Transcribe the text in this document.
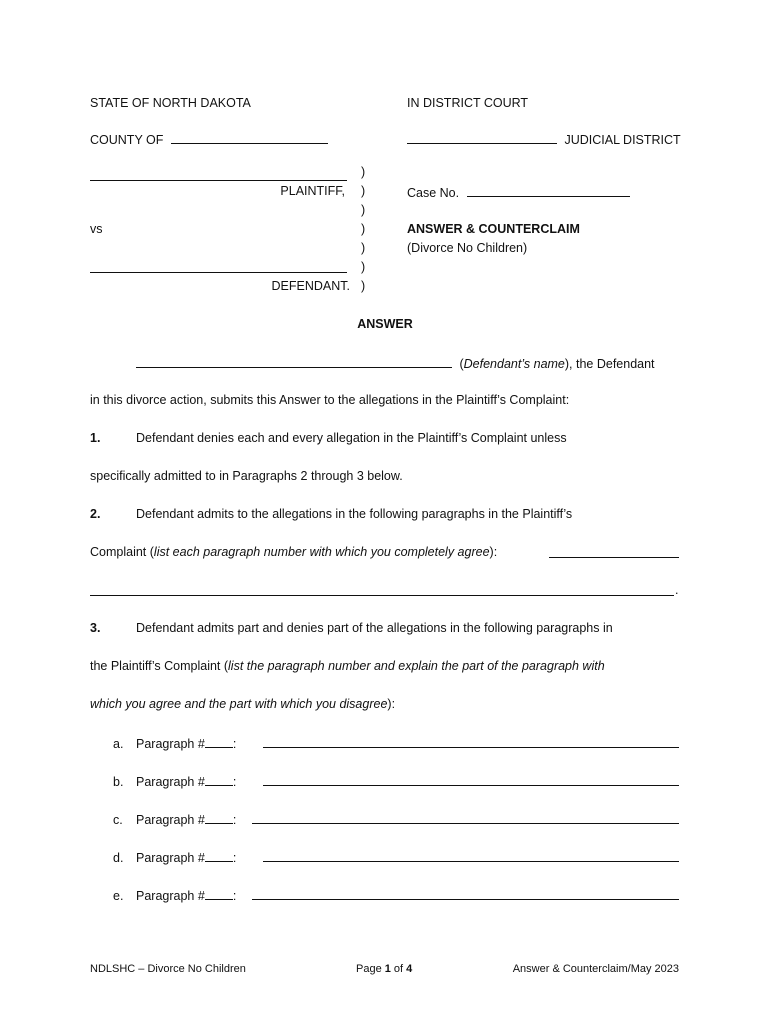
STATE OF NORTH DAKOTA	IN DISTRICT COURT
COUNTY OF	JUDICIAL DISTRICT
PLAINTIFF,
vs
DEFENDANT.
)
)
)
)
)
)
)
Case No.
ANSWER & COUNTERCLAIM
(Divorce No Children)
ANSWER
(Defendant’s name), the Defendant
in this divorce action, submits this Answer to the allegations in the Plaintiff’s Complaint:
1.	Defendant denies each and every allegation in the Plaintiff’s Complaint unless
specifically admitted to in Paragraphs 2 through 3 below.
2.	Defendant admits to the allegations in the following paragraphs in the Plaintiff’s
Complaint (list each paragraph number with which you completely agree):
.
3.	Defendant admits part and denies part of the allegations in the following paragraphs in
the Plaintiff’s Complaint (list the paragraph number and explain the part of the paragraph with
which you agree and the part with which you disagree):
a. Paragraph # :
b. Paragraph # :
c. Paragraph # :
d. Paragraph # :
e. Paragraph # :
NDLSHC – Divorce No Children	Page 1 of 4	Answer & Counterclaim/May 2023
